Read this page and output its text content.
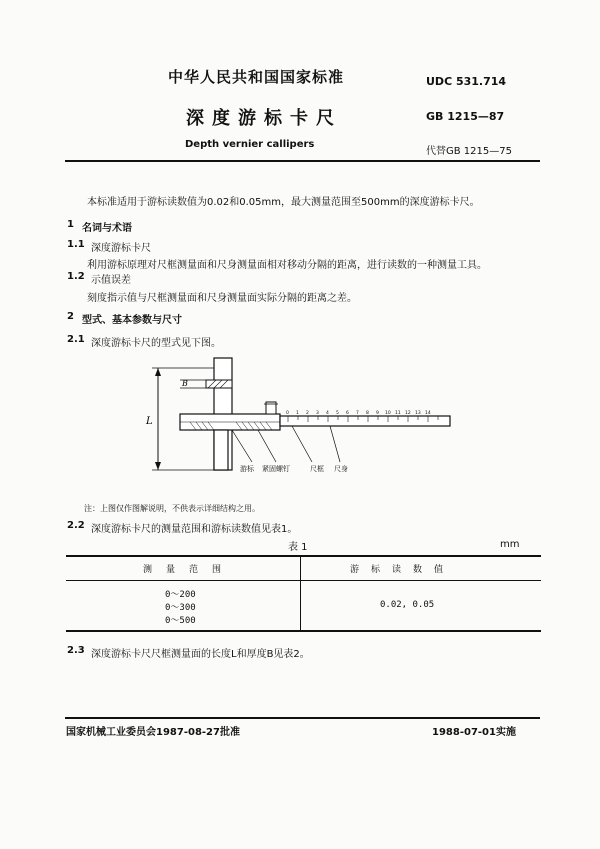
中华人民共和国国家标准	UDC 531.714
深度游标卡尺	GB 1215—87
Depth vernier callipers
代替GB 1215—75
本标准适用于游标读数值为0.02和0.05mm，最大测量范围至500mm的深度游标卡尺。
1 名词与术语
1.1 深度游标卡尺
利用游标原理对尺框测量面和尺身测量面相对移动分隔的距离，进行读数的一种测量工具。
1.2 示值误差
刻度指示值与尺框测量面和尺身测量面实际分隔的距离之差。
2 型式、基本参数与尺寸
2.1 深度游标卡尺的型式见下图。
L
B
0 1 2 3 4 5 6 7 8 9 10 11 12 13 14
游标 紧固螺钉	尺框 尺身
注：上图仅作图解说明，不供表示详细结构之用。
2.2 深度游标卡尺的测量范围和游标读数值见表1。
表 1	mm
测量范围	游标读数值
0～200
0～300
0～500
0.02, 0.05
2.3 深度游标卡尺尺框测量面的长度L和厚度B见表2。
国家机械工业委员会1987-08-27批准	1988-07-01实施
